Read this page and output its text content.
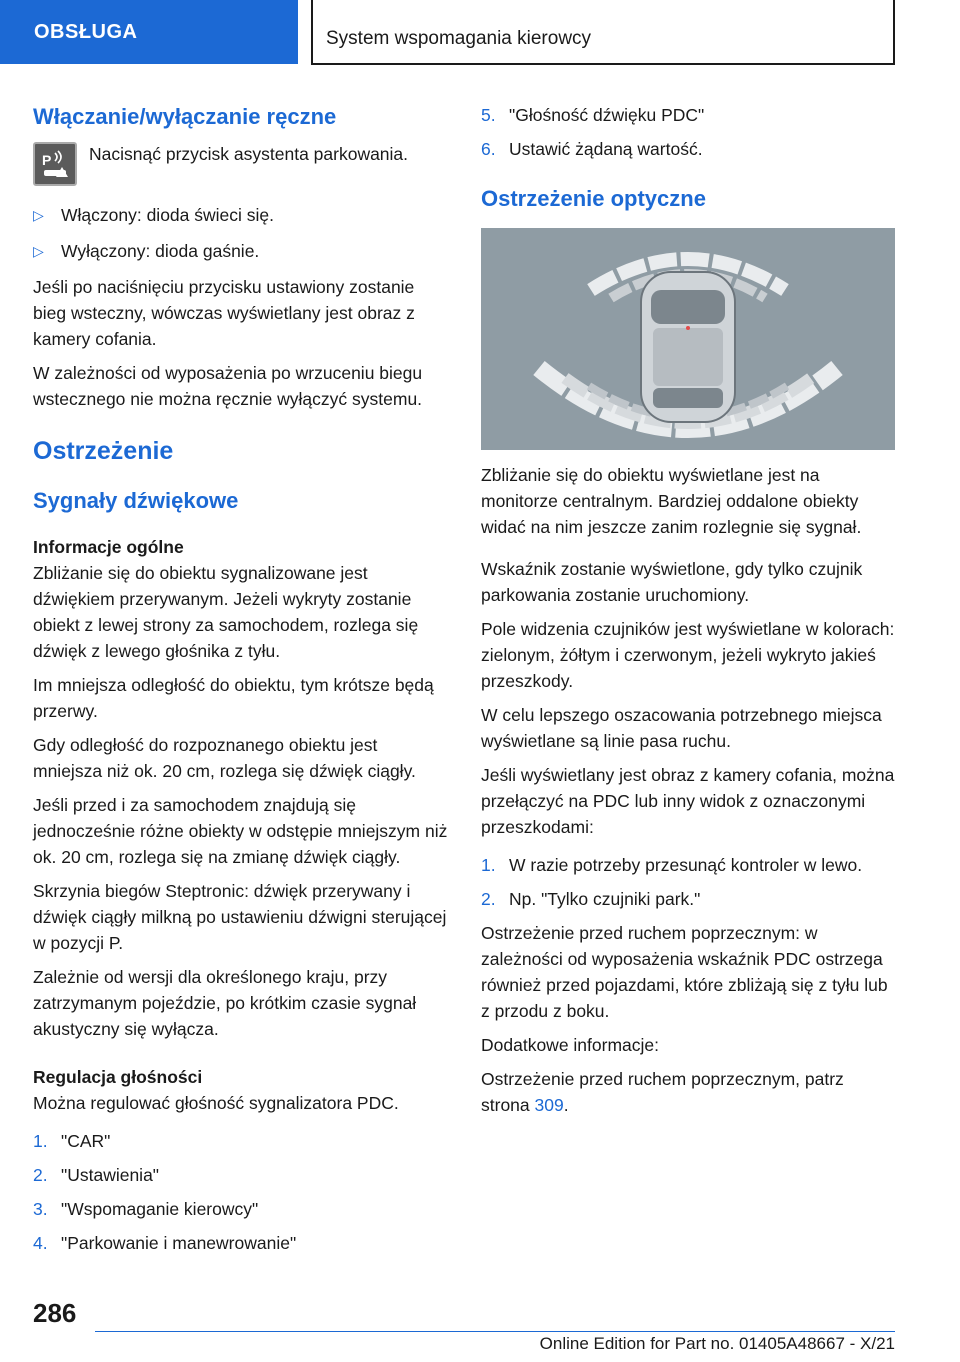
OBSŁUGA	System wspomagania kierowcy
Włączanie/wyłączanie ręczne
P Nacisnąć przycisk asystenta parkowania.
▷ Włączony: dioda świeci się.
▷ Wyłączony: dioda gaśnie.

Jeśli po naciśnięciu przycisku ustawiony zostanie bieg wsteczny, wówczas wyświetlany jest obraz z kamery cofania.

W zależności od wyposażenia po wrzuceniu biegu wstecznego nie można ręcznie wyłączyć systemu.

Ostrzeżenie
Sygnały dźwiękowe
Informacje ogólne

Zbliżanie się do obiektu sygnalizowane jest dźwiękiem przerywanym. Jeżeli wykryty zostanie obiekt z lewej strony za samochodem, rozlega się dźwięk z lewego głośnika z tyłu.

Im mniejsza odległość do obiektu, tym krótsze będą przerwy.

Gdy odległość do rozpoznanego obiektu jest mniejsza niż ok. 20 cm, rozlega się dźwięk ciągły.

Jeśli przed i za samochodem znajdują się jednocześnie różne obiekty w odstępie mniejszym niż ok. 20 cm, rozlega się na zmianę dźwięk ciągły.

Skrzynia biegów Steptronic: dźwięk przerywany i dźwięk ciągły milkną po ustawieniu dźwigni sterującej w pozycji P.

Zależnie od wersji dla określonego kraju, przy zatrzymanym pojeździe, po krótkim czasie sygnał akustyczny się wyłącza.

Regulacja głośności

Można regulować głośność sygnalizatora PDC.

1. "CAR"
2. "Ustawienia"
3. "Wspomaganie kierowcy"
4. "Parkowanie i manewrowanie"
5. "Głośność dźwięku PDC"
6. Ustawić żądaną wartość.
Ostrzeżenie optyczne

Zbliżanie się do obiektu wyświetlane jest na monitorze centralnym. Bardziej oddalone obiekty widać na nim jeszcze zanim rozlegnie się sygnał.

Wskaźnik zostanie wyświetlone, gdy tylko czujnik parkowania zostanie uruchomiony.

Pole widzenia czujników jest wyświetlane w kolorach: zielonym, żółtym i czerwonym, jeżeli wykryto jakieś przeszkody.

W celu lepszego oszacowania potrzebnego miejsca wyświetlane są linie pasa ruchu.

Jeśli wyświetlany jest obraz z kamery cofania, można przełączyć na PDC lub inny widok z oznaczonymi przeszkodami:

1. W razie potrzeby przesunąć kontroler w lewo.
2. Np. "Tylko czujniki park."

Ostrzeżenie przed ruchem poprzecznym: w zależności od wyposażenia wskaźnik PDC ostrzega również przed pojazdami, które zbliżają się z tyłu lub z przodu z boku.

Dodatkowe informacje:

Ostrzeżenie przed ruchem poprzecznym, patrz strona 309.

286
Online Edition for Part no. 01405A48667 - X/21
